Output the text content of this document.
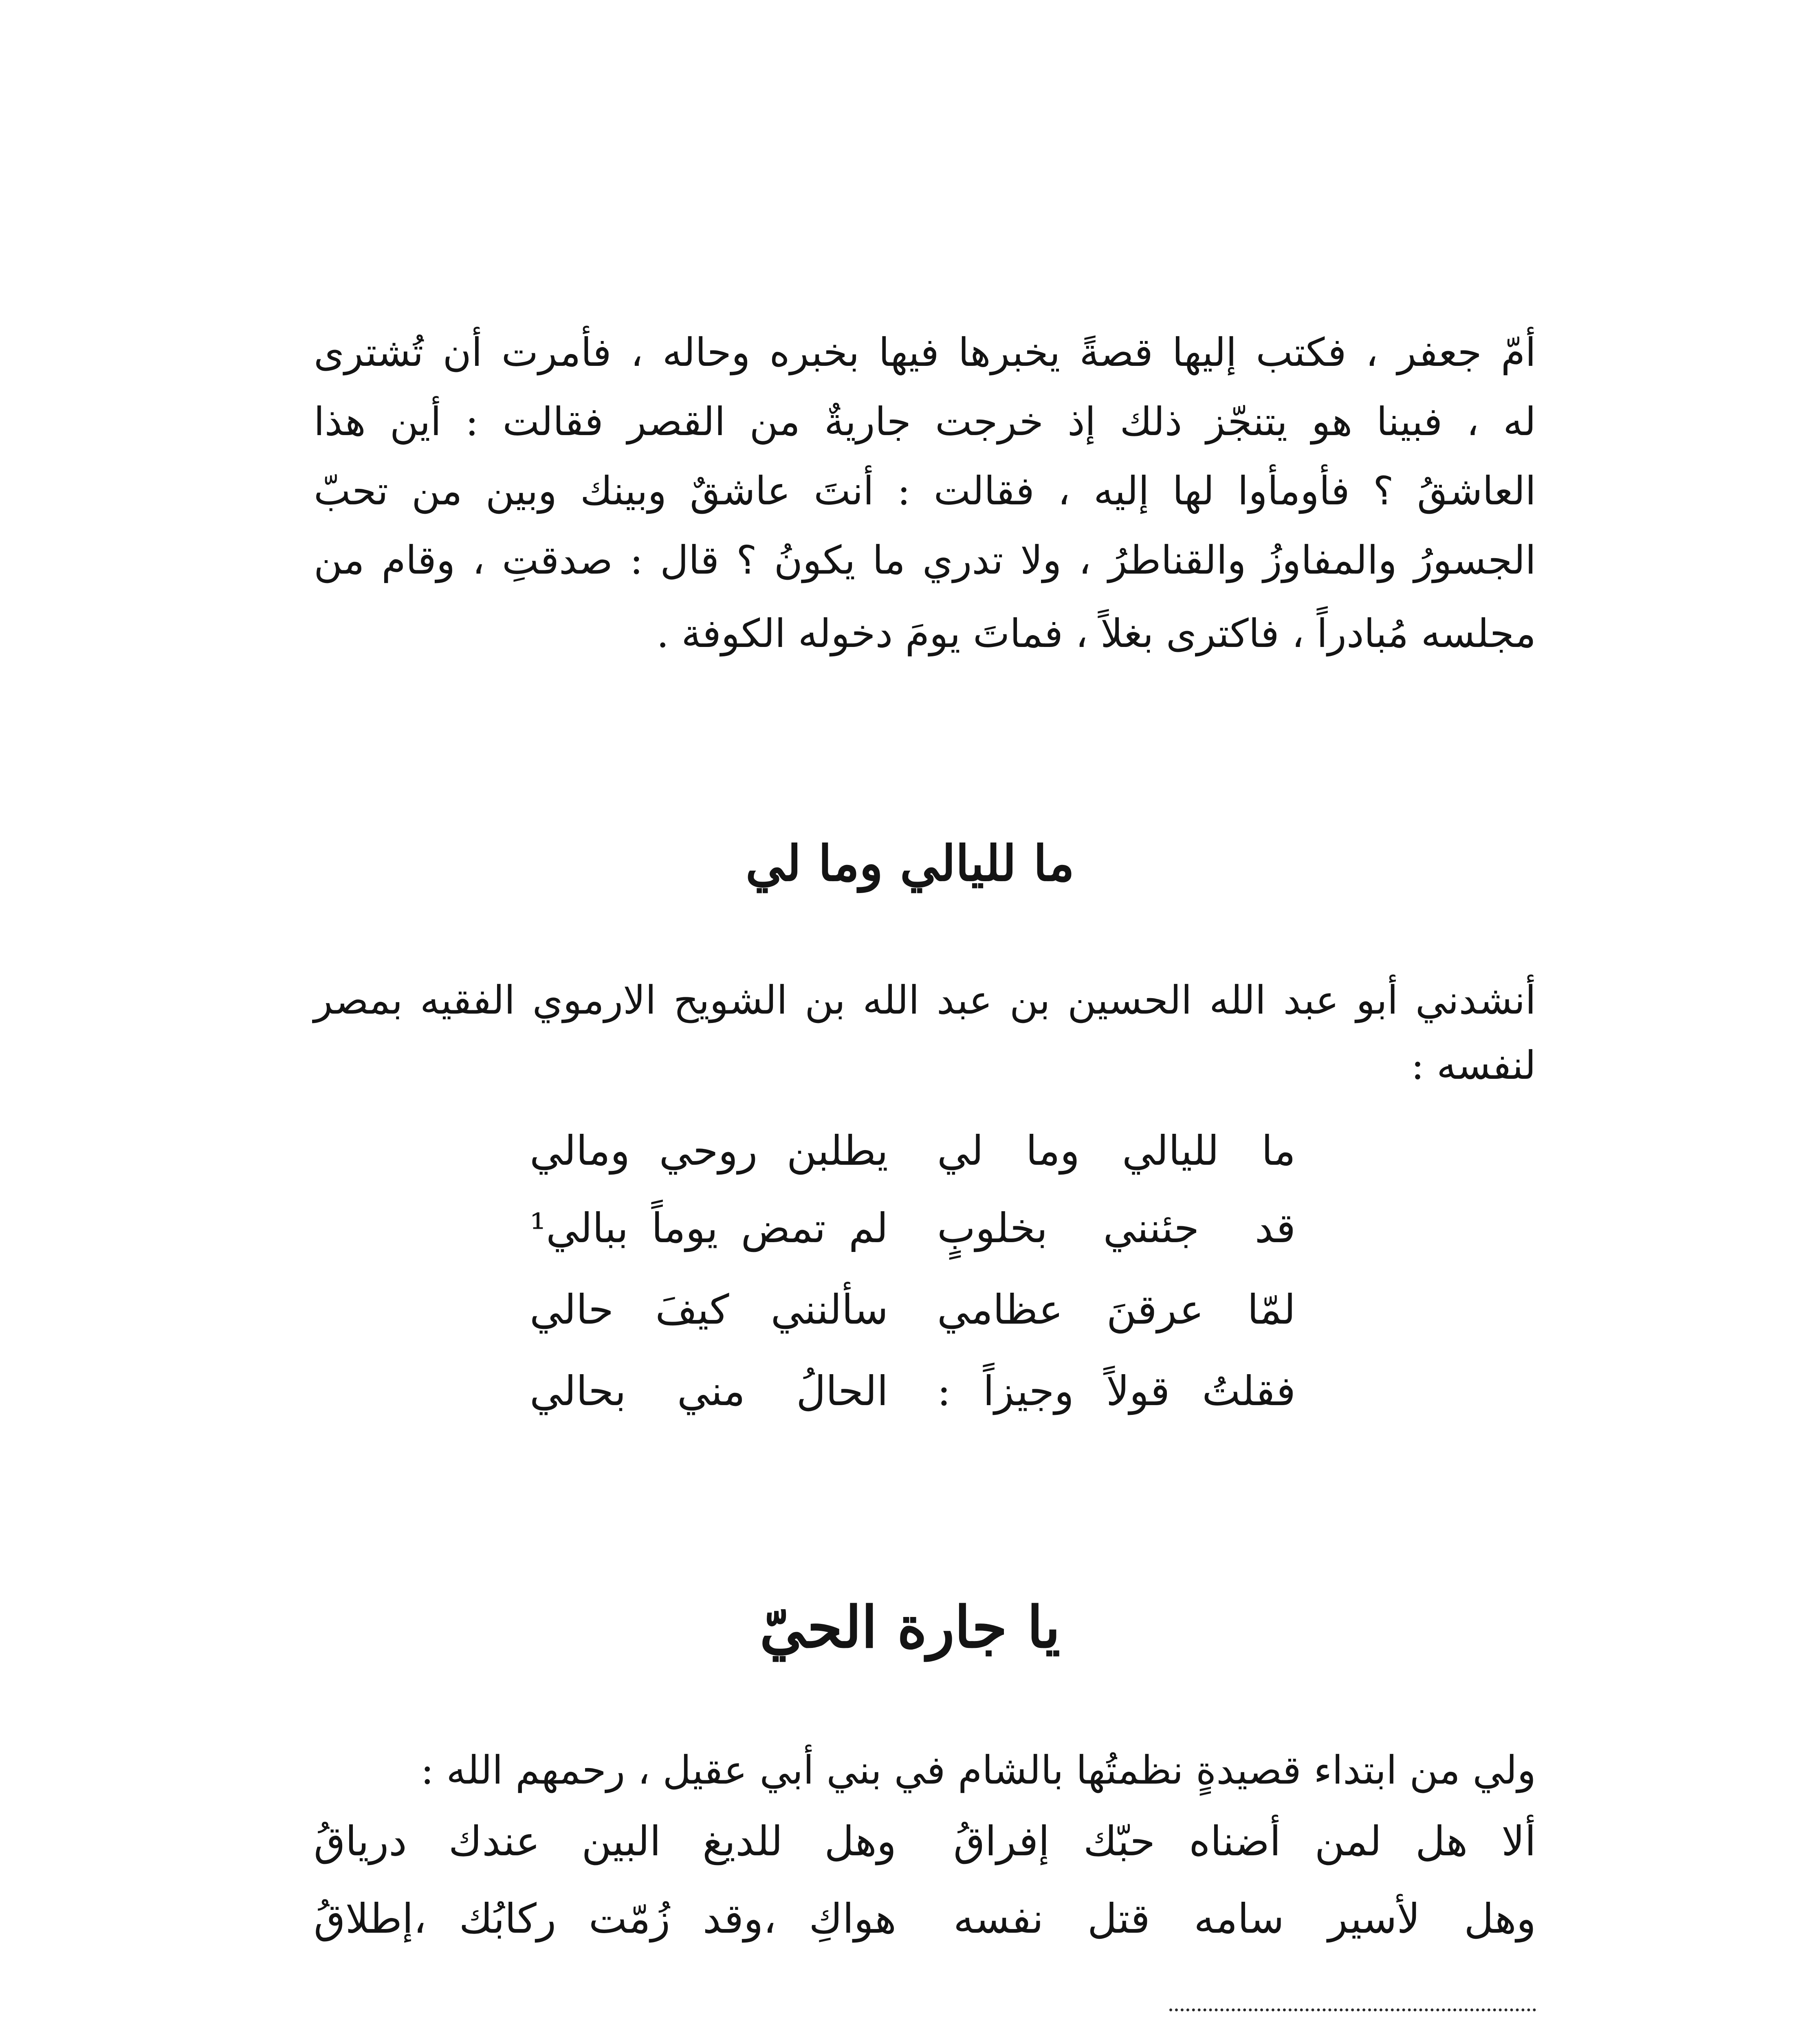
أمّ جعفر ، فكتب إليها قصةً يخبرها فيها بخبره وحاله ، فأمرت أن تُشترى
له ، فبينا هو يتنجّز ذلك إذ خرجت جاريةٌ من القصر فقالت : أين هذا
العاشقُ ؟ فأومأوا لها إليه ، فقالت : أنتَ عاشقٌ وبينك وبين من تحبّ
الجسورُ والمفاوزُ والقناطرُ ، ولا تدري ما يكونُ ؟ قال : صدقتِ ، وقام من
مجلسه مُبادراً ، فاكترى بغلاً ، فماتَ يومَ دخوله الكوفة .
ما لليالي وما لي
أنشدني أبو عبد الله الحسين بن عبد الله بن الشويح الارموي الفقيه بمصر
لنفسه :
ما لليالي وما لي
يطلبن روحي ومالي
قد جئنني بخلوبٍ
لم تمض يوماً ببالي¹
لمّا عرقنَ عظامي
سألنني كيفَ حالي
فقلتُ قولاً وجيزاً :
الحالُ مني بحالي
يا جارة الحيّ
ولي من ابتداء قصيدةٍ نظمتُها بالشام في بني أبي عقيل ، رحمهم الله :
ألا هل لمن أضناه حبّك إفراقُ
وهل للديغ البين عندك درياقُ
وهل لأسير سامه قتل نفسه
هواكِ ،وقد زُمّت ركابُك ،إطلاقُ
